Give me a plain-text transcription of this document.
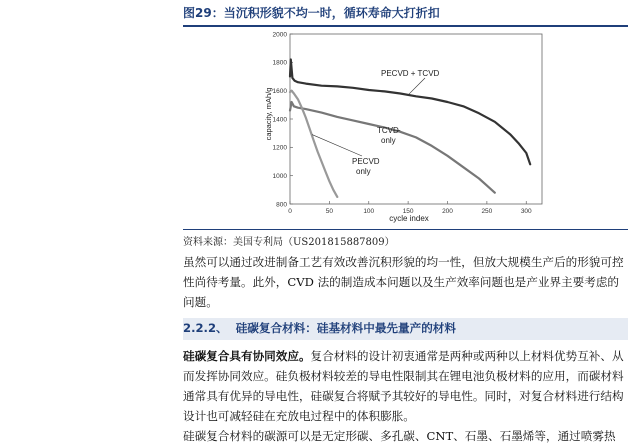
图29：当沉积形貌不均一时，循环寿命大打折扣
0	50	100	150	200	250	300
800
1000
1200
1400
1600
1800
2000
PECVD + TCVD
TCVD
only
PECVD
only
cycle index
capacity, mAh/g
资料来源：美国专利局（US201815887809）
虽然可以通过改进制备工艺有效改善沉积形貌的均一性，但放大规模生产后的形貌可控性尚待考量。此外，CVD 法的制造成本问题以及生产效率问题也是产业界主要考虑的问题。
2.2.2、 硅碳复合材料：硅基材料中最先量产的材料
硅碳复合具有协同效应。复合材料的设计初衷通常是两种或两种以上材料优势互补、从而发挥协同效应。硅负极材料较差的导电性限制其在锂电池负极材料的应用，而碳材料通常具有优异的导电性，硅碳复合将赋予其较好的导电性。同时，对复合材料进行结构设计也可减轻硅在充放电过程中的体积膨胀。
硅碳复合材料的碳源可以是无定形碳、多孔碳、CNT、石墨、石墨烯等，通过喷雾热
